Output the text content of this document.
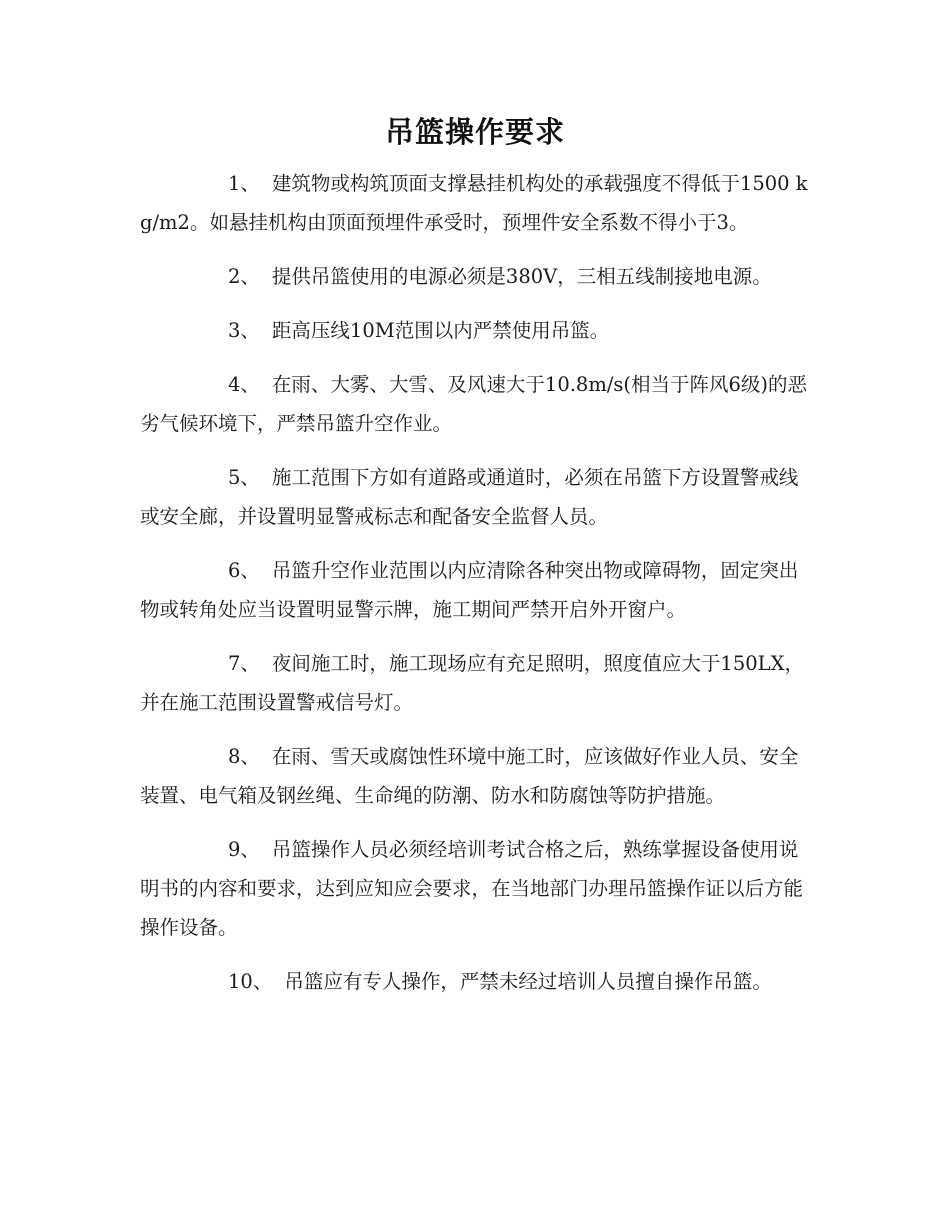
吊篮操作要求

1、 建筑物或构筑顶面支撑悬挂机构处的承载强度不得低于1500 kg/m2。如悬挂机构由顶面预埋件承受时，预埋件安全系数不得小于3。

2、 提供吊篮使用的电源必须是380V，三相五线制接地电源。

3、 距高压线10M范围以内严禁使用吊篮。

4、 在雨、大雾、大雪、及风速大于10.8m/s(相当于阵风6级)的恶劣气候环境下，严禁吊篮升空作业。

5、 施工范围下方如有道路或通道时，必须在吊篮下方设置警戒线或安全廊，并设置明显警戒标志和配备安全监督人员。

6、 吊篮升空作业范围以内应清除各种突出物或障碍物，固定突出物或转角处应当设置明显警示牌，施工期间严禁开启外开窗户。

7、 夜间施工时，施工现场应有充足照明，照度值应大于150LX，并在施工范围设置警戒信号灯。

8、 在雨、雪天或腐蚀性环境中施工时，应该做好作业人员、安全装置、电气箱及钢丝绳、生命绳的防潮、防水和防腐蚀等防护措施。

9、 吊篮操作人员必须经培训考试合格之后，熟练掌握设备使用说明书的内容和要求，达到应知应会要求，在当地部门办理吊篮操作证以后方能操作设备。

10、 吊篮应有专人操作，严禁未经过培训人员擅自操作吊篮。
